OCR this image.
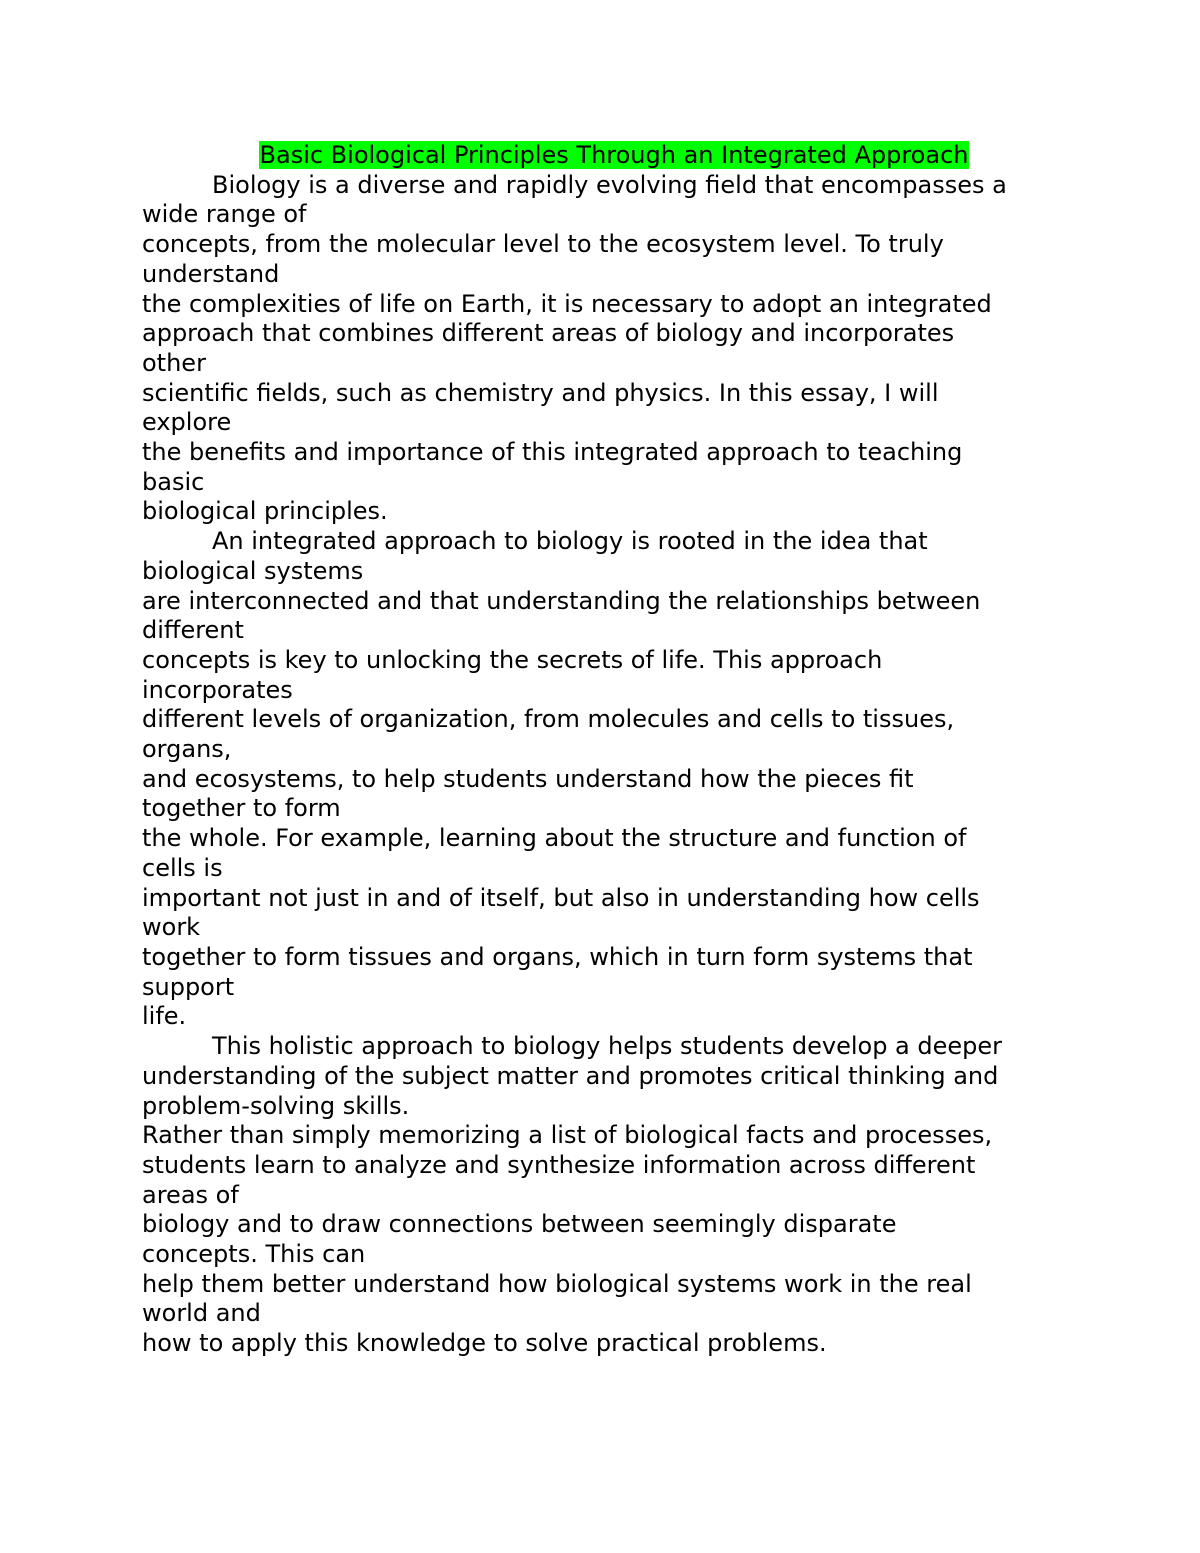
Basic Biological Principles Through an Integrated Approach

Biology is a diverse and rapidly evolving field that encompasses a
wide range of
concepts, from the molecular level to the ecosystem level. To truly
understand
the complexities of life on Earth, it is necessary to adopt an integrated
approach that combines different areas of biology and incorporates
other
scientific fields, such as chemistry and physics. In this essay, I will
explore
the benefits and importance of this integrated approach to teaching
basic
biological principles.
An integrated approach to biology is rooted in the idea that
biological systems
are interconnected and that understanding the relationships between
different
concepts is key to unlocking the secrets of life. This approach
incorporates
different levels of organization, from molecules and cells to tissues,
organs,
and ecosystems, to help students understand how the pieces fit
together to form
the whole. For example, learning about the structure and function of
cells is
important not just in and of itself, but also in understanding how cells
work
together to form tissues and organs, which in turn form systems that
support
life.
This holistic approach to biology helps students develop a deeper
understanding of the subject matter and promotes critical thinking and
problem-solving skills.
Rather than simply memorizing a list of biological facts and processes,
students learn to analyze and synthesize information across different
areas of
biology and to draw connections between seemingly disparate
concepts. This can
help them better understand how biological systems work in the real
world and
how to apply this knowledge to solve practical problems.
